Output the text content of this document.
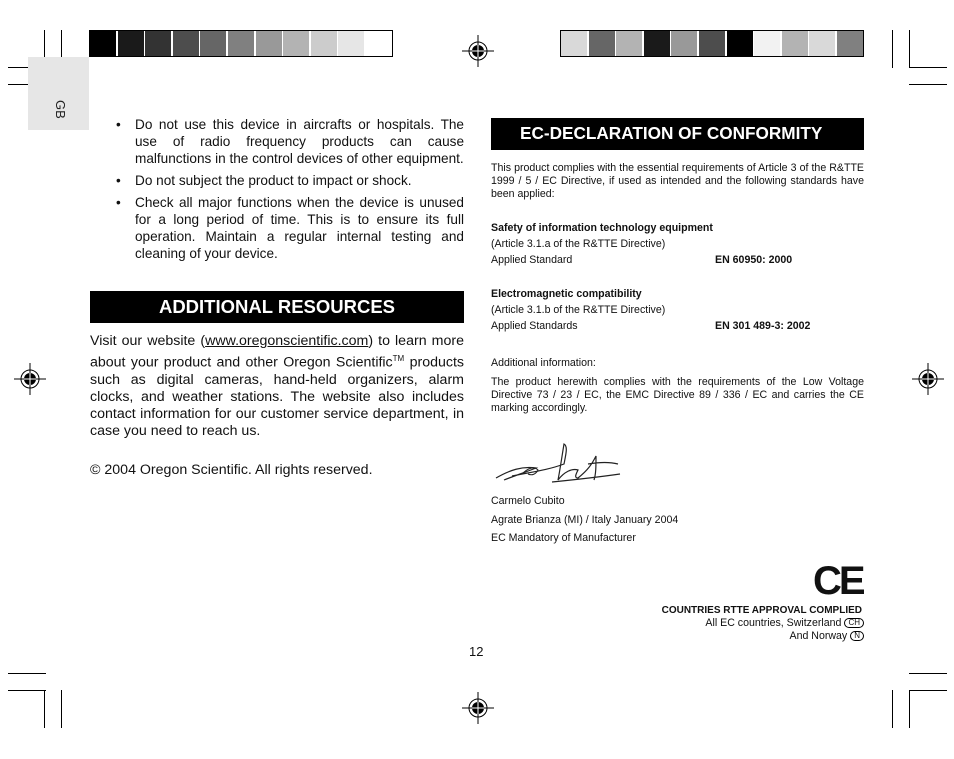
GB
• Do not use this device in aircrafts or hospitals. The use of radio frequency products can cause malfunctions in the control devices of other equipment.
• Do not subject the product to impact or shock.
• Check all major functions when the device is unused for a long period of time. This is to ensure its full operation. Maintain a regular internal testing and cleaning of your device.
ADDITIONAL RESOURCES
Visit our website (www.oregonscientific.com) to learn more about your product and other Oregon Scientific™ products such as digital cameras, hand-held organizers, alarm clocks, and weather stations. The website also includes contact information for our customer service department, in case you need to reach us.
© 2004 Oregon Scientific. All rights reserved.
EC-DECLARATION OF CONFORMITY
This product complies with the essential requirements of Article 3 of the R&TTE 1999 / 5 / EC Directive, if used as intended and the following standards have been applied:
Safety of information technology equipment
(Article 3.1.a of the R&TTE Directive)
Applied Standard	EN 60950: 2000
Electromagnetic compatibility
(Article 3.1.b of the R&TTE Directive)
Applied Standards	EN 301 489-3: 2002
Additional information:
The product herewith complies with the requirements of the Low Voltage Directive 73 / 23 / EC, the EMC Directive 89 / 336 / EC and carries the CE marking accordingly.
Carmelo Cubito
Agrate Brianza (MI) / Italy January 2004
EC Mandatory of Manufacturer
CE
COUNTRIES RTTE APPROVAL COMPLIED
All EC countries, Switzerland CH
And Norway N
12
